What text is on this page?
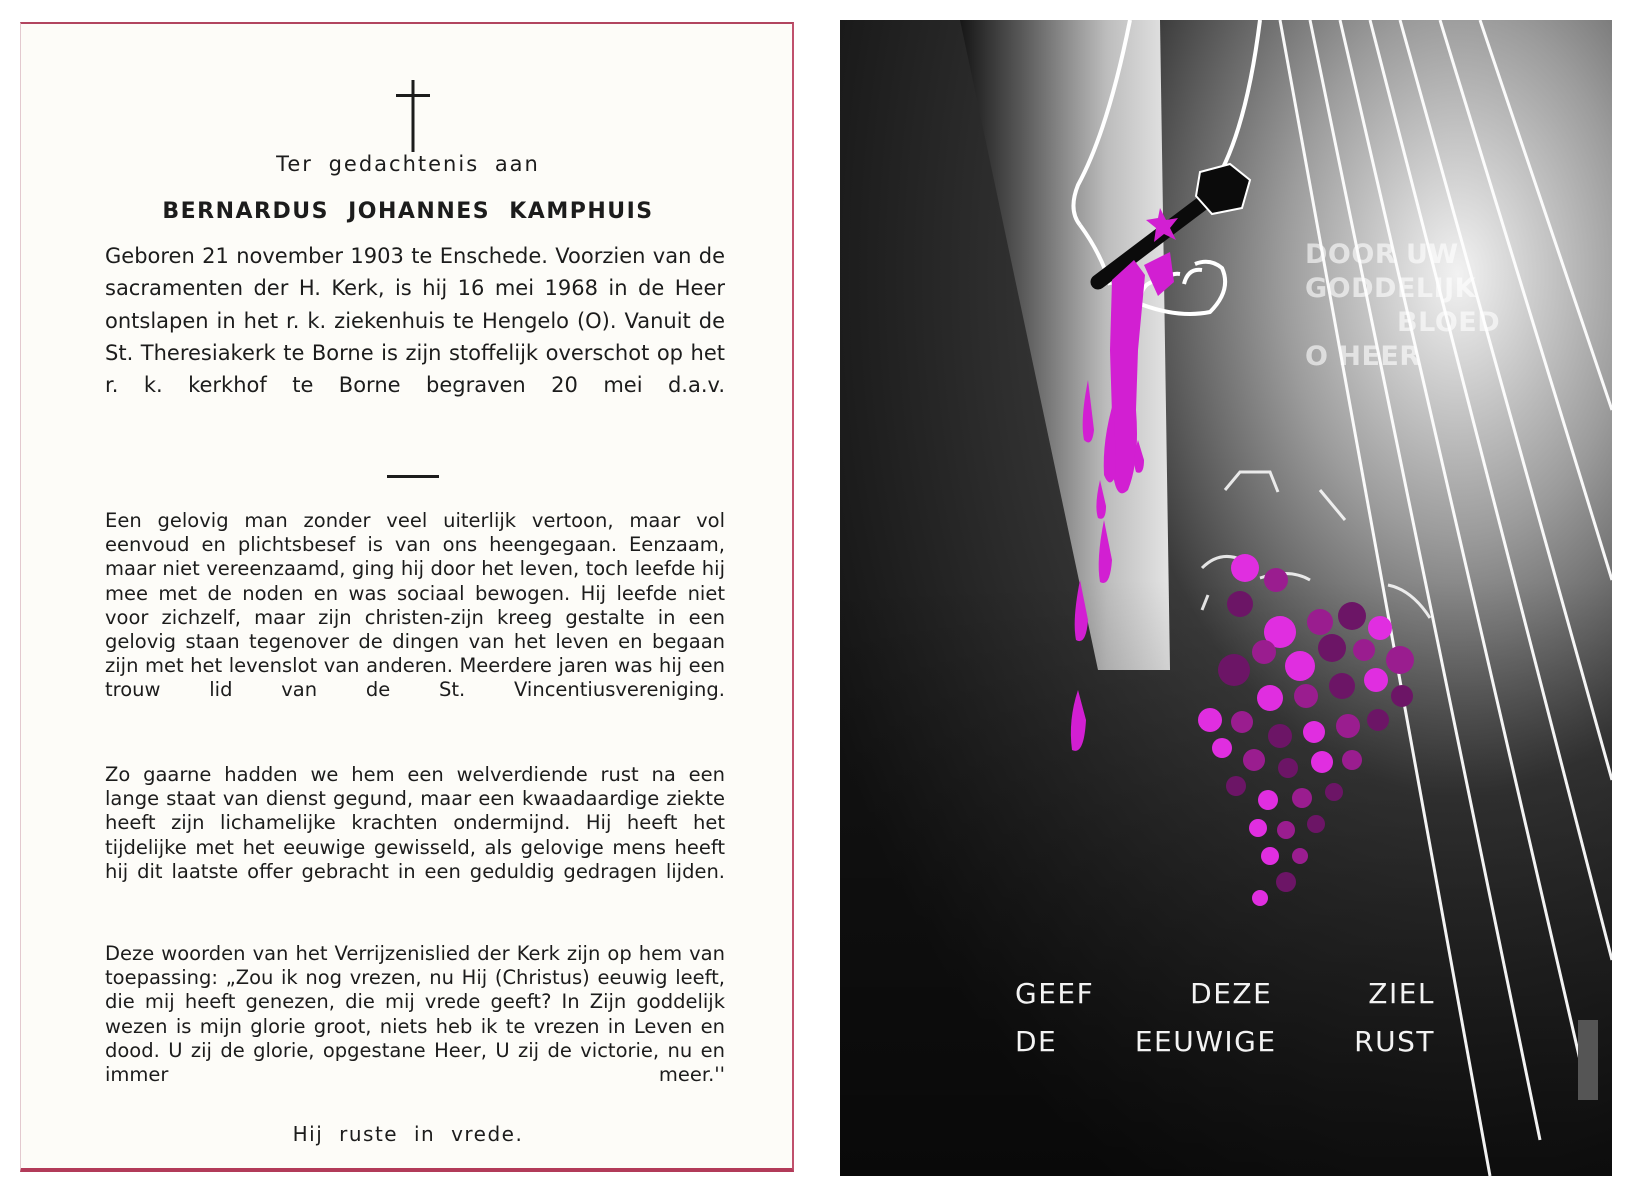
Ter gedachtenis aan
BERNARDUS JOHANNES KAMPHUIS

Geboren 21 november 1903 te Enschede. Voorzien van de sacramenten der H. Kerk, is hij 16 mei 1968 in de Heer ontslapen in het r. k. ziekenhuis te Hengelo (O). Vanuit de St. Theresiakerk te Borne is zijn stoffelijk overschot op het r. k. kerkhof te Borne begraven 20 mei d.a.v.

Een gelovig man zonder veel uiterlijk vertoon, maar vol eenvoud en plichtsbesef is van ons heengegaan. Eenzaam, maar niet vereenzaamd, ging hij door het leven, toch leefde hij mee met de noden en was sociaal bewogen. Hij leefde niet voor zichzelf, maar zijn christen-zijn kreeg gestalte in een gelovig staan tegenover de dingen van het leven en begaan zijn met het levenslot van anderen. Meerdere jaren was hij een trouw lid van de St. Vincentiusvereniging.

Zo gaarne hadden we hem een welverdiende rust na een lange staat van dienst gegund, maar een kwaadaardige ziekte heeft zijn lichamelijke krachten ondermijnd. Hij heeft het tijdelijke met het eeuwige gewisseld, als gelovige mens heeft hij dit laatste offer gebracht in een geduldig gedragen lijden.

Deze woorden van het Verrijzenislied der Kerk zijn op hem van toepassing: „Zou ik nog vrezen, nu Hij (Christus) eeuwig leeft, die mij heeft genezen, die mij vrede geeft? In Zijn goddelijk wezen is mijn glorie groot, niets heb ik te vrezen in Leven en dood. U zij de glorie, opgestane Heer, U zij de victorie, nu en immer meer.''

Hij ruste in vrede.
DOOR UW
GODDELIJK
BLOED
O HEER
GEEF DEZE ZIEL
DE EEUWIGE RUST
